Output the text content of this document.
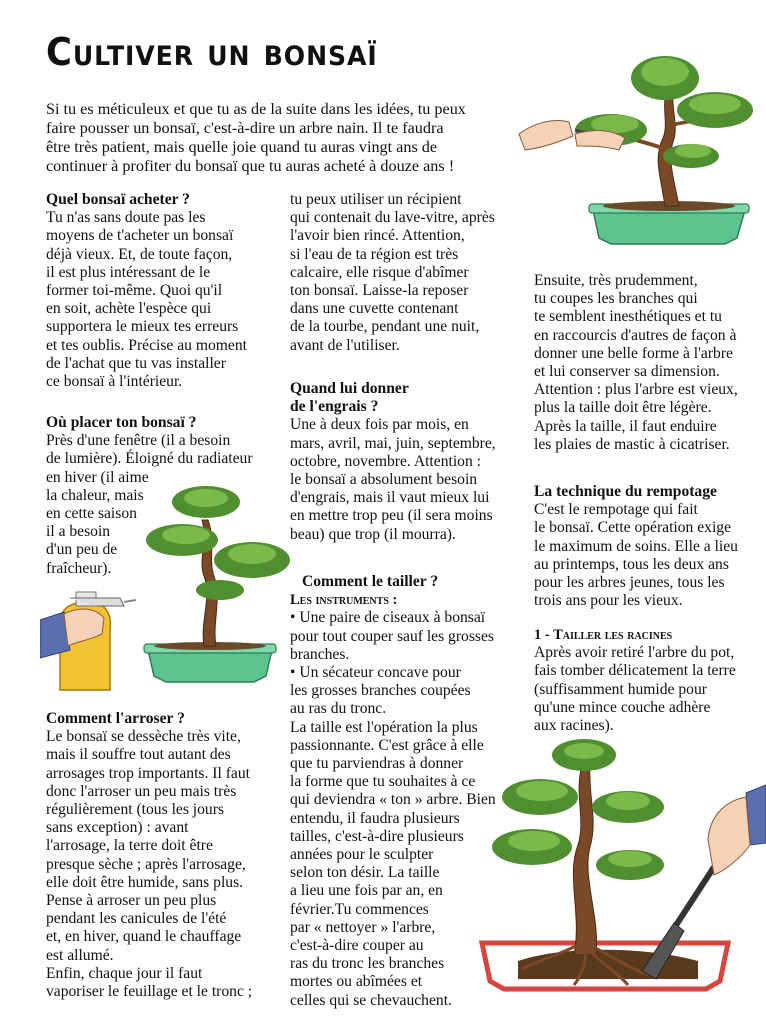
Cultiver un bonsaï
Si tu es méticuleux et que tu as de la suite dans les idées, tu peux
faire pousser un bonsaï, c'est-à-dire un arbre nain. Il te faudra
être très patient, mais quelle joie quand tu auras vingt ans de
continuer à profiter du bonsaï que tu auras acheté à douze ans !
Quel bonsaï acheter ?
Tu n'as sans doute pas les
moyens de t'acheter un bonsaï
déjà vieux. Et, de toute façon,
il est plus intéressant de le
former toi-même. Quoi qu'il
en soit, achète l'espèce qui
supportera le mieux tes erreurs
et tes oublis. Précise au moment
de l'achat que tu vas installer
ce bonsaï à l'intérieur.
Où placer ton bonsaï ?
Près d'une fenêtre (il a besoin
de lumière). Éloigné du radiateur
en hiver (il aime
la chaleur, mais
en cette saison
il a besoin
d'un peu de
fraîcheur).
Comment l'arroser ?
Le bonsaï se dessèche très vite,
mais il souffre tout autant des
arrosages trop importants. Il faut
donc l'arroser un peu mais très
régulièrement (tous les jours
sans exception) : avant
l'arrosage, la terre doit être
presque sèche ; après l'arrosage,
elle doit être humide, sans plus.
Pense à arroser un peu plus
pendant les canicules de l'été
et, en hiver, quand le chauffage
est allumé.
Enfin, chaque jour il faut
vaporiser le feuillage et le tronc ;
tu peux utiliser un récipient
qui contenait du lave-vitre, après
l'avoir bien rincé. Attention,
si l'eau de ta région est très
calcaire, elle risque d'abîmer
ton bonsaï. Laisse-la reposer
dans une cuvette contenant
de la tourbe, pendant une nuit,
avant de l'utiliser.
Quand lui donner
de l'engrais ?
Une à deux fois par mois, en
mars, avril, mai, juin, septembre,
octobre, novembre. Attention :
le bonsaï a absolument besoin
d'engrais, mais il vaut mieux lui
en mettre trop peu (il sera moins
beau) que trop (il mourra).
Comment le tailler ?
Les instruments :
• Une paire de ciseaux à bonsaï
pour tout couper sauf les grosses
branches.
• Un sécateur concave pour
les grosses branches coupées
au ras du tronc.
La taille est l'opération la plus
passionnante. C'est grâce à elle
que tu parviendras à donner
la forme que tu souhaites à ce
qui deviendra « ton » arbre. Bien
entendu, il faudra plusieurs
tailles, c'est-à-dire plusieurs
années pour le sculpter
selon ton désir. La taille
a lieu une fois par an, en
février.Tu commences
par « nettoyer » l'arbre,
c'est-à-dire couper au
ras du tronc les branches
mortes ou abîmées et
celles qui se chevauchent.
Ensuite, très prudemment,
tu coupes les branches qui
te semblent inesthétiques et tu
en raccourcis d'autres de façon à
donner une belle forme à l'arbre
et lui conserver sa dimension.
Attention : plus l'arbre est vieux,
plus la taille doit être légère.
Après la taille, il faut enduire
les plaies de mastic à cicatriser.
La technique du rempotage
C'est le rempotage qui fait
le bonsaï. Cette opération exige
le maximum de soins. Elle a lieu
au printemps, tous les deux ans
pour les arbres jeunes, tous les
trois ans pour les vieux.
1 - Tailler les racines
Après avoir retiré l'arbre du pot,
fais tomber délicatement la terre
(suffisamment humide pour
qu'une mince couche adhère
aux racines).
